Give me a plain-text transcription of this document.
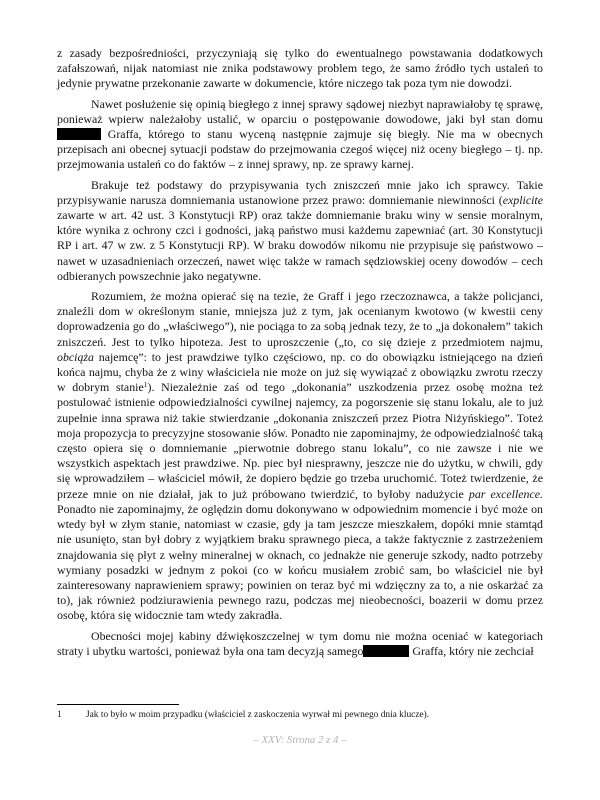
z zasady bezpośredniości, przyczyniają się tylko do ewentualnego powstawania dodatkowych zafałszowań, nijak natomiast nie znika podstawowy problem tego, że samo źródło tych ustaleń to jedynie prywatne przekonanie zawarte w dokumencie, które niczego tak poza tym nie dowodzi.

Nawet posłużenie się opinią biegłego z innej sprawy sądowej niezbyt naprawiałoby tę sprawę, ponieważ wpierw należałoby ustalić, w oparciu o postępowanie dowodowe, jaki był stan domu  Graffa, którego to stanu wyceną następnie zajmuje się biegły. Nie ma w obecnych przepisach ani obecnej sytuacji podstaw do przejmowania czegoś więcej niż oceny biegłego – tj. np. przejmowania ustaleń co do faktów – z innej sprawy, np. ze sprawy karnej.

Brakuje też podstawy do przypisywania tych zniszczeń mnie jako ich sprawcy. Takie przypisywanie narusza domniemania ustanowione przez prawo: domniemanie niewinności (explicite zawarte w art. 42 ust. 3 Konstytucji RP) oraz także domniemanie braku winy w sensie moralnym, które wynika z ochrony czci i godności, jaką państwo musi każdemu zapewniać (art. 30 Konstytucji RP i art. 47 w zw. z 5 Konstytucji RP). W braku dowodów nikomu nie przypisuje się państwowo – nawet w uzasadnieniach orzeczeń, nawet więc także w ramach sędziowskiej oceny dowodów – cech odbieranych powszechnie jako negatywne.

Rozumiem, że można opierać się na tezie, że Graff i jego rzeczoznawca, a także policjanci, znaleźli dom w określonym stanie, mniejsza już z tym, jak ocenianym kwotowo (w kwestii ceny doprowadzenia go do „właściwego”), nie pociąga to za sobą jednak tezy, że to „ja dokonałem” takich zniszczeń. Jest to tylko hipoteza. Jest to uproszczenie („to, co się dzieje z przedmiotem najmu, obciąża najemcę”: to jest prawdziwe tylko częściowo, np. co do obowiązku istniejącego na dzień końca najmu, chyba że z winy właściciela nie może on już się wywiązać z obowiązku zwrotu rzeczy w dobrym stanie$^1$). Niezależnie zaś od tego „dokonania” uszkodzenia przez osobę można też postulować istnienie odpowiedzialności cywilnej najemcy, za pogorszenie się stanu lokalu, ale to już zupełnie inna sprawa niż takie stwierdzanie „dokonania zniszczeń przez Piotra Niżyńskiego”. Toteż moja propozycja to precyzyjne stosowanie słów. Ponadto nie zapominajmy, że odpowiedzialność taką często opiera się o domniemanie „pierwotnie dobrego stanu lokalu”, co nie zawsze i nie we wszystkich aspektach jest prawdziwe. Np. piec był niesprawny, jeszcze nie do użytku, w chwili, gdy się wprowadziłem – właściciel mówił, że dopiero będzie go trzeba uruchomić. Toteż twierdzenie, że przeze mnie on nie działał, jak to już próbowano twierdzić, to byłoby nadużycie par excellence. Ponadto nie zapominajmy, że oględzin domu dokonywano w odpowiednim momencie i być może on wtedy był w złym stanie, natomiast w czasie, gdy ja tam jeszcze mieszkałem, dopóki mnie stamtąd nie usunięto, stan był dobry z wyjątkiem braku sprawnego pieca, a także faktycznie z zastrzeżeniem znajdowania się płyt z wełny mineralnej w oknach, co jednakże nie generuje szkody, nadto potrzeby wymiany posadzki w jednym z pokoi (co w końcu musiałem zrobić sam, bo właściciel nie był zainteresowany naprawieniem sprawy; powinien on teraz być mi wdzięczny za to, a nie oskarżać za to), jak również podziurawienia pewnego razu, podczas mej nieobecności, boazerii w domu przez osobę, która się widocznie tam wtedy zakradła.

Obecności mojej kabiny dźwiękoszczelnej w tym domu nie można oceniać w kategoriach straty i ubytku wartości, ponieważ była ona tam decyzją samego	Graffa, który nie zechciał

1	Jak to było w moim przypadku (właściciel z zaskoczenia wyrwał mi pewnego dnia klucze).
– XXV: Strona 2 z 4 –
